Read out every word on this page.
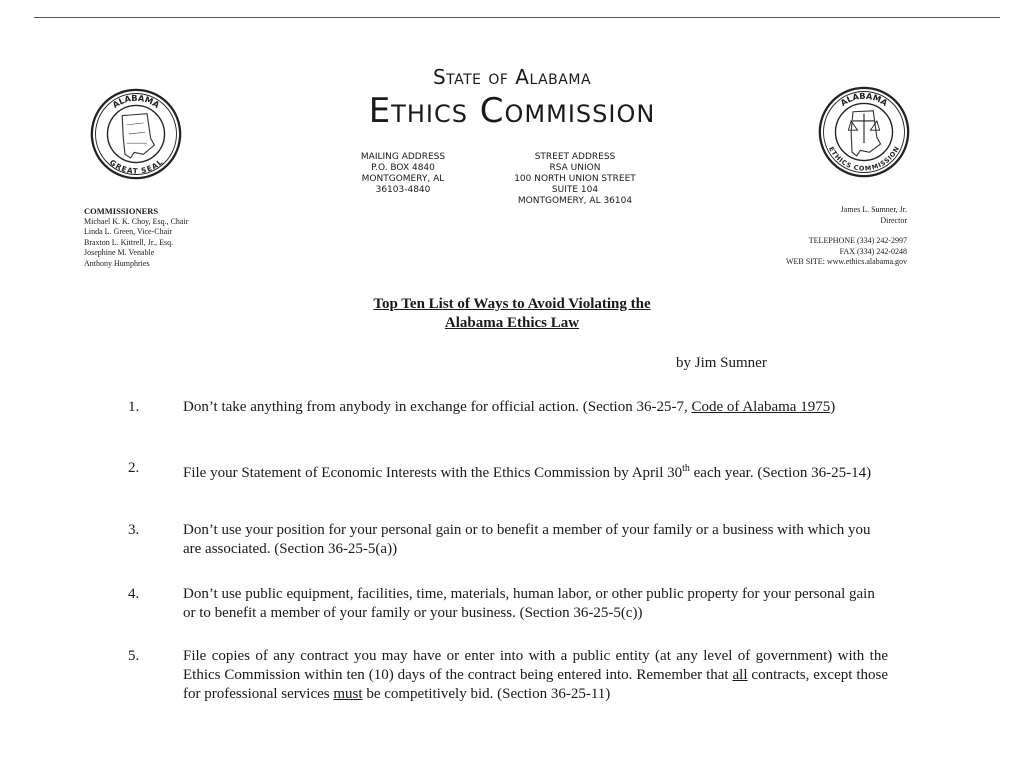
ALABAMA
GREAT SEAL
ALABAMA
ETHICS COMMISSION
State of Alabama
Ethics Commission
MAILING ADDRESS
P.O. BOX 4840
MONTGOMERY, AL
36103-4840
STREET ADDRESS
RSA UNION
100 NORTH UNION STREET
SUITE 104
MONTGOMERY, AL 36104
COMMISSIONERS
Michael K. K. Choy, Esq., Chair
Linda L. Green, Vice-Chair
Braxton L. Kittrell, Jr., Esq.
Josephine M. Venable
Anthony Humphries
James L. Sumner, Jr.
Director
TELEPHONE (334) 242-2997
FAX (334) 242-0248
WEB SITE: www.ethics.alabama.gov
Top Ten List of Ways to Avoid Violating the
Alabama Ethics Law
by Jim Sumner
1.	Don’t take anything from anybody in exchange for official action. (Section 36-25-7, Code of Alabama 1975)
2.	File your Statement of Economic Interests with the Ethics Commission by April 30th each year. (Section 36-25-14)
3.	Don’t use your position for your personal gain or to benefit a member of your family or a business with which you are associated. (Section 36-25-5(a))
4.	Don’t use public equipment, facilities, time, materials, human labor, or other public property for your personal gain or to benefit a member of your family or your business. (Section 36-25-5(c))
5.	File copies of any contract you may have or enter into with a public entity (at any level of government) with the Ethics Commission within ten (10) days of the contract being entered into. Remember that all contracts, except those for professional services must be competitively bid. (Section 36-25-11)
